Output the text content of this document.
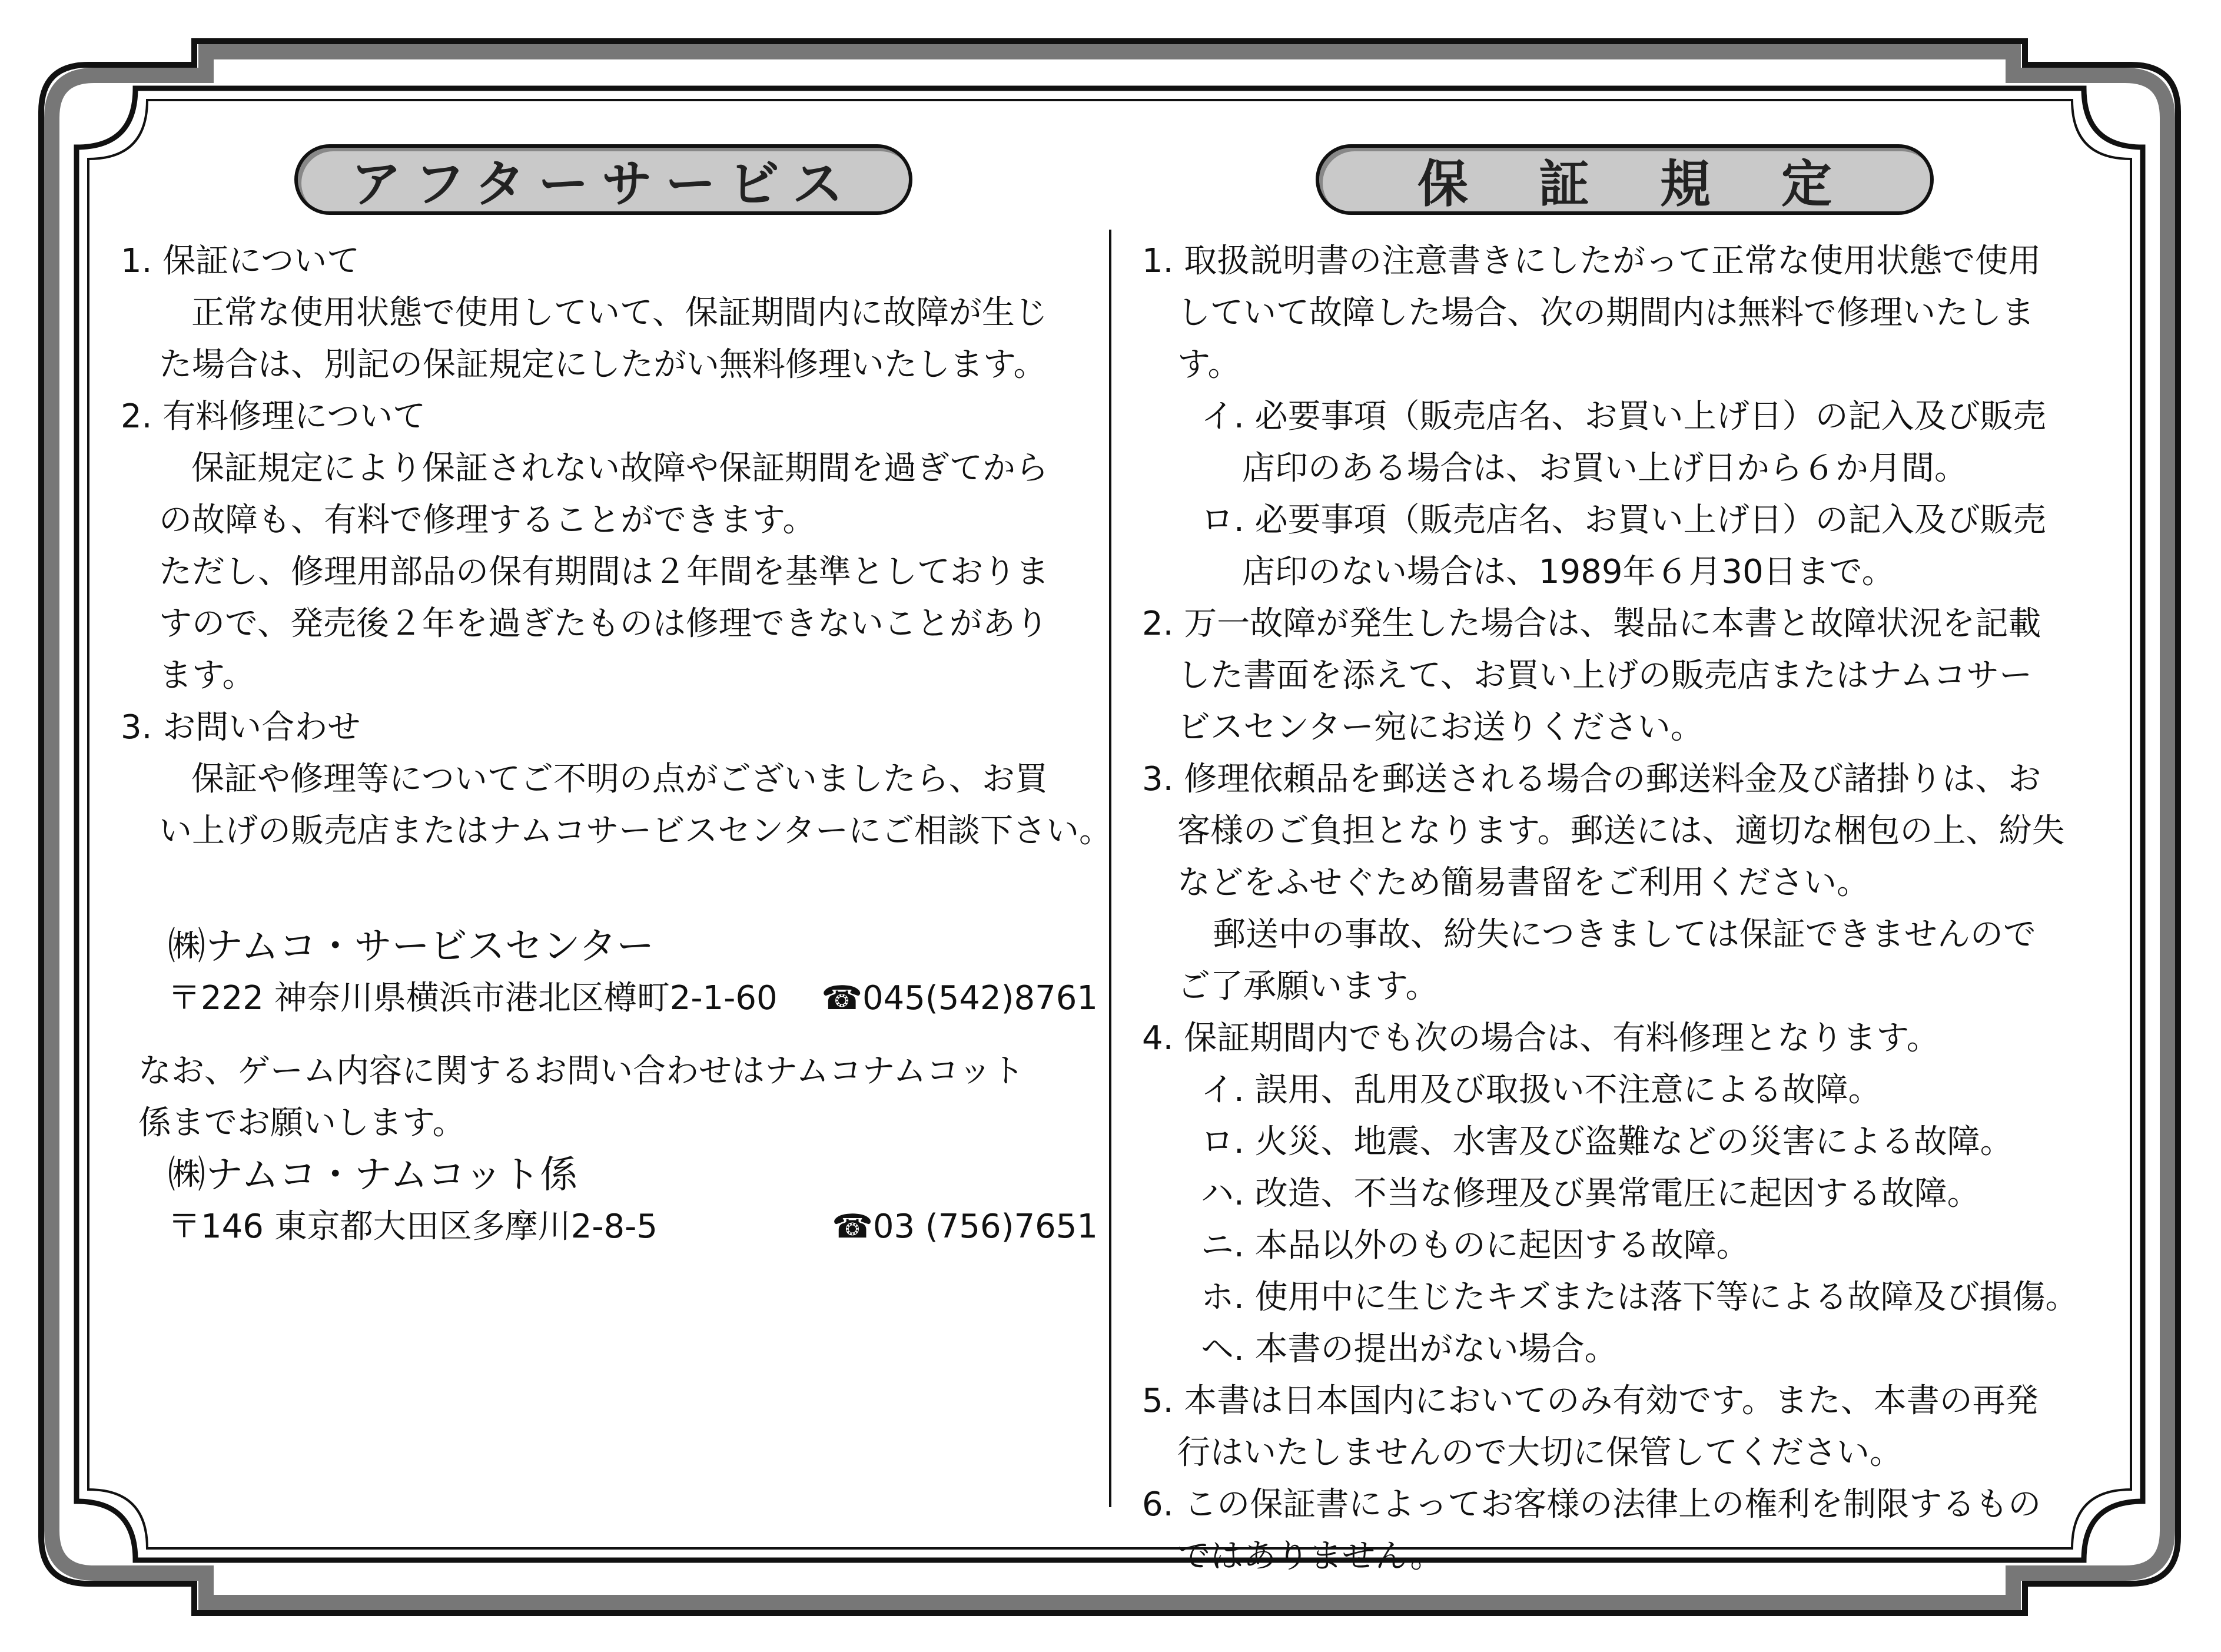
アフターサービス	保証規定
1. 保証について
正常な使用状態で使用していて、保証期間内に故障が生じ
た場合は、別記の保証規定にしたがい無料修理いたします。
2. 有料修理について
保証規定により保証されない故障や保証期間を過ぎてから
の故障も、有料で修理することができます。
ただし、修理用部品の保有期間は２年間を基準としておりま
すので、発売後２年を過ぎたものは修理できないことがあり
ます。
3. お問い合わせ
保証や修理等についてご不明の点がございましたら、お買
い上げの販売店またはナムコサービスセンターにご相談下さい。
㈱ナムコ・サービスセンター
〒222 神奈川県横浜市港北区樽町2-1-60 ☎045(542)8761
なお、ゲーム内容に関するお問い合わせはナムコナムコット
係までお願いします。
㈱ナムコ・ナムコット係
〒146 東京都大田区多摩川2-8-5	☎03 (756)7651
1. 取扱説明書の注意書きにしたがって正常な使用状態で使用
していて故障した場合、次の期間内は無料で修理いたしま
す。
イ. 必要事項（販売店名、お買い上げ日）の記入及び販売
店印のある場合は、お買い上げ日から６か月間。
ロ. 必要事項（販売店名、お買い上げ日）の記入及び販売
店印のない場合は、1989年６月30日まで。
2. 万一故障が発生した場合は、製品に本書と故障状況を記載
した書面を添えて、お買い上げの販売店またはナムコサー
ビスセンター宛にお送りください。
3. 修理依頼品を郵送される場合の郵送料金及び諸掛りは、お
客様のご負担となります。郵送には、適切な梱包の上、紛失
などをふせぐため簡易書留をご利用ください。
郵送中の事故、紛失につきましては保証できませんので
ご了承願います。
4. 保証期間内でも次の場合は、有料修理となります。
イ. 誤用、乱用及び取扱い不注意による故障。
ロ. 火災、地震、水害及び盗難などの災害による故障。
ハ. 改造、不当な修理及び異常電圧に起因する故障。
ニ. 本品以外のものに起因する故障。
ホ. 使用中に生じたキズまたは落下等による故障及び損傷。
ヘ. 本書の提出がない場合。
5. 本書は日本国内においてのみ有効です。また、本書の再発
行はいたしませんので大切に保管してください。
6. この保証書によってお客様の法律上の権利を制限するもの
ではありません。
